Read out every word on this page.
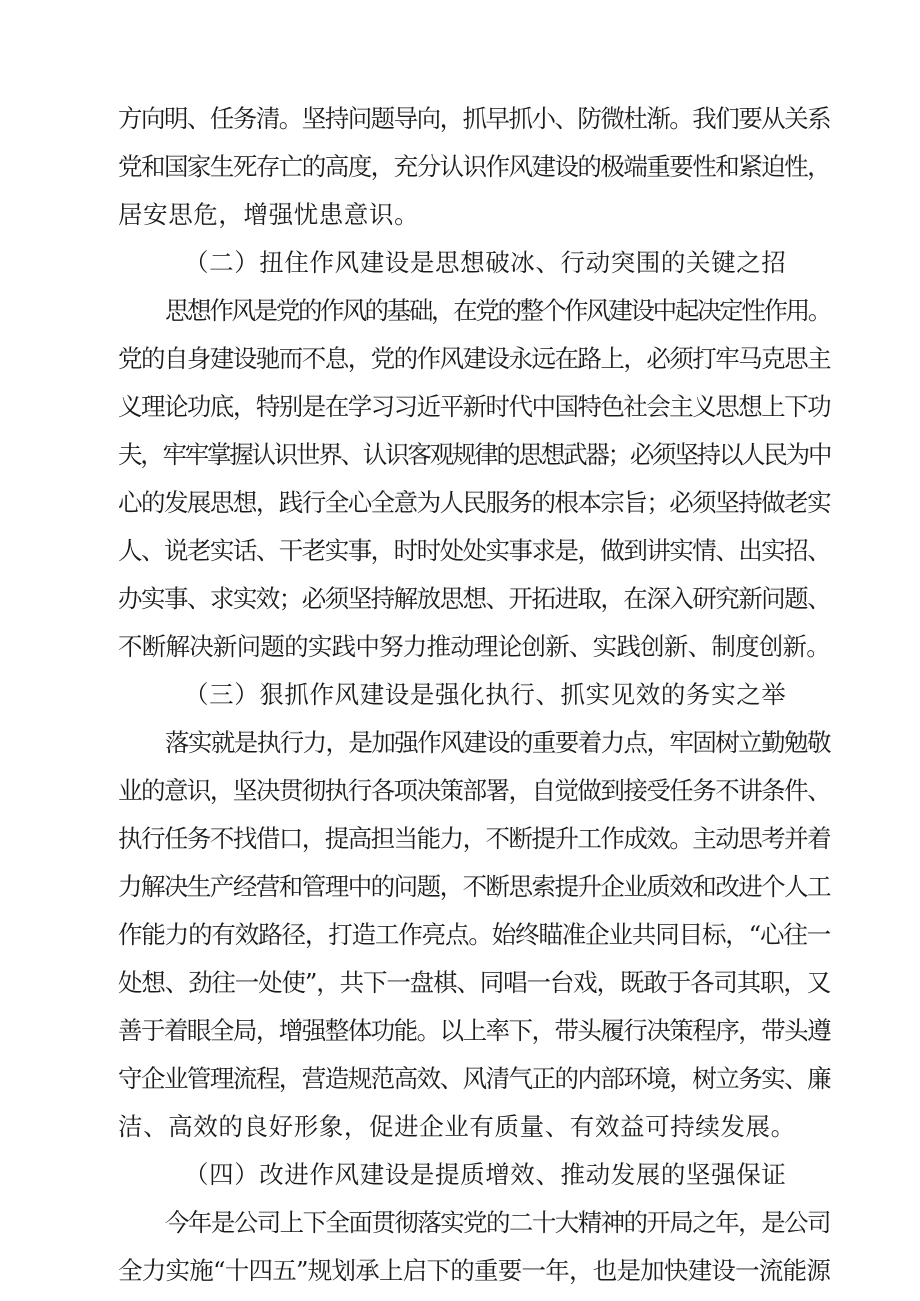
方向明、任务清。坚持问题导向，抓早抓小、防微杜渐。我们要从关系
党和国家生死存亡的高度，充分认识作风建设的极端重要性和紧迫性，
居安思危，增强忧患意识。
（二）扭住作风建设是思想破冰、行动突围的关键之招
思想作风是党的作风的基础，在党的整个作风建设中起决定性作用。
党的自身建设驰而不息，党的作风建设永远在路上，必须打牢马克思主
义理论功底，特别是在学习习近平新时代中国特色社会主义思想上下功
夫，牢牢掌握认识世界、认识客观规律的思想武器；必须坚持以人民为中
心的发展思想，践行全心全意为人民服务的根本宗旨；必须坚持做老实
人、说老实话、干老实事，时时处处实事求是，做到讲实情、出实招、
办实事、求实效；必须坚持解放思想、开拓进取，在深入研究新问题、
不断解决新问题的实践中努力推动理论创新、实践创新、制度创新。
（三）狠抓作风建设是强化执行、抓实见效的务实之举
落实就是执行力，是加强作风建设的重要着力点，牢固树立勤勉敬
业的意识，坚决贯彻执行各项决策部署，自觉做到接受任务不讲条件、
执行任务不找借口，提高担当能力，不断提升工作成效。主动思考并着
力解决生产经营和管理中的问题，不断思索提升企业质效和改进个人工
作能力的有效路径，打造工作亮点。始终瞄准企业共同目标，“心往一
处想、劲往一处使”，共下一盘棋、同唱一台戏，既敢于各司其职，又
善于着眼全局，增强整体功能。以上率下，带头履行决策程序，带头遵
守企业管理流程，营造规范高效、风清气正的内部环境，树立务实、廉
洁、高效的良好形象，促进企业有质量、有效益可持续发展。
（四）改进作风建设是提质增效、推动发展的坚强保证
今年是公司上下全面贯彻落实党的二十大精神的开局之年，是公司
全力实施“十四五”规划承上启下的重要一年，也是加快建设一流能源
